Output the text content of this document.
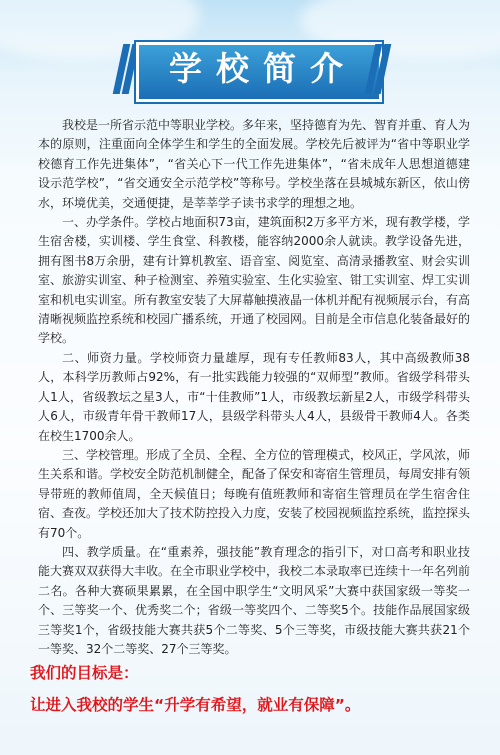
学校简介

我校是一所省示范中等职业学校。多年来，坚持德育为先、智育并重、育人为本的原则，注重面向全体学生和学生的全面发展。学校先后被评为“省中等职业学校德育工作先进集体”，“省关心下一代工作先进集体”，“省未成年人思想道德建设示范学校”，“省交通安全示范学校”等称号。学校坐落在县城城东新区，依山傍水，环境优美，交通便捷，是莘莘学子读书求学的理想之地。

一、办学条件。学校占地面积73亩，建筑面积2万多平方米，现有教学楼，学生宿舍楼，实训楼、学生食堂、科教楼，能容纳2000余人就读。教学设备先进，拥有图书8万余册，建有计算机教室、语音室、阅览室、高清录播教室、财会实训室、旅游实训室、种子检测室、养殖实验室、生化实验室、钳工实训室、焊工实训室和机电实训室。所有教室安装了大屏幕触摸液晶一体机并配有视频展示台，有高清晰视频监控系统和校园广播系统，开通了校园网。目前是全市信息化装备最好的学校。

二、师资力量。学校师资力量雄厚，现有专任教师83人，其中高级教师38人，本科学历教师占92%，有一批实践能力较强的“双师型”教师。省级学科带头人1人，省级教坛之星3人，市“十佳教师”1人，市级教坛新星2人，市级学科带头人6人，市级青年骨干教师17人，县级学科带头人4人，县级骨干教师4人。各类在校生1700余人。

三、学校管理。形成了全员、全程、全方位的管理模式，校风正，学风浓，师生关系和谐。学校安全防范机制健全，配备了保安和寄宿生管理员，每周安排有领导带班的教师值周，全天候值日；每晚有值班教师和寄宿生管理员在学生宿舍住宿、查夜。学校还加大了技术防控投入力度，安装了校园视频监控系统，监控探头有70个。

四、教学质量。在“重素养，强技能”教育理念的指引下，对口高考和职业技能大赛双双获得大丰收。在全市职业学校中，我校二本录取率已连续十一年名列前二名。各种大赛硕果累累，在全国中职学生“文明风采”大赛中获国家级一等奖一个、三等奖一个、优秀奖二个；省级一等奖四个、二等奖5个。技能作品展国家级三等奖1个，省级技能大赛共获5个二等奖、5个三等奖，市级技能大赛共获21个一等奖、32个二等奖、27个三等奖。

我们的目标是：
让进入我校的学生“升学有希望，就业有保障”。
